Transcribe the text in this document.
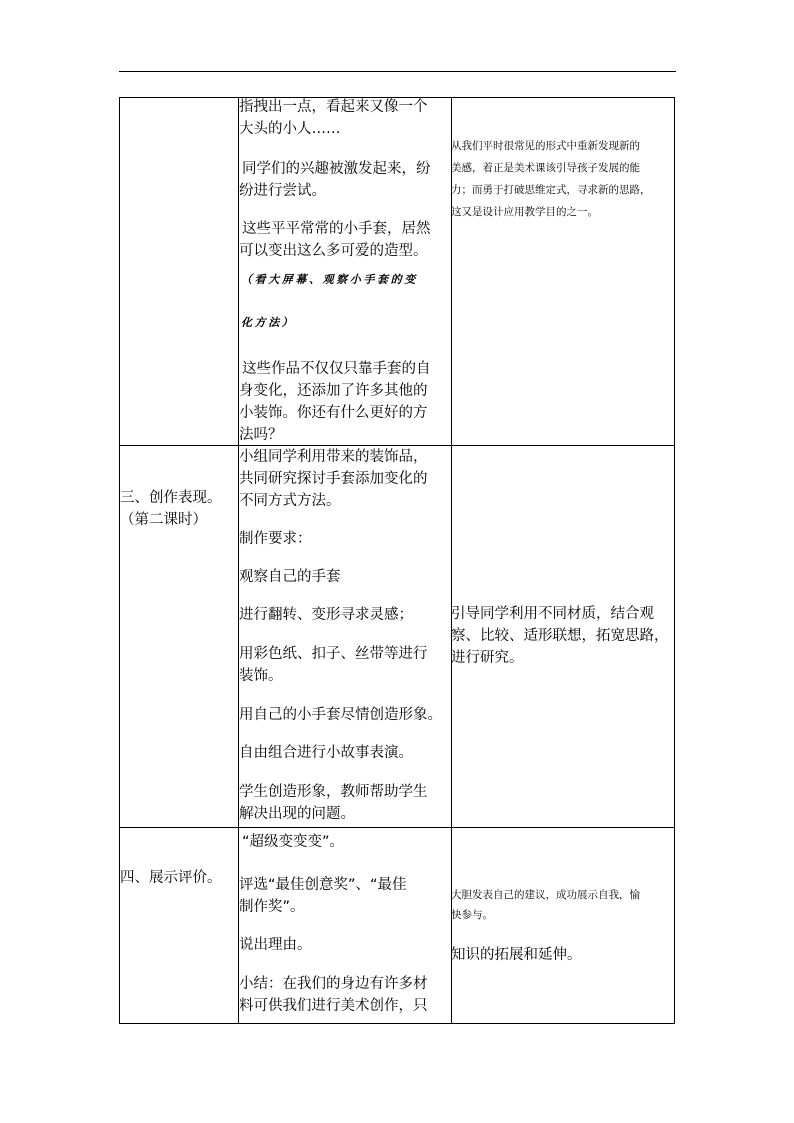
指拽出一点，看起来又像一个
大头的小人……
同学们的兴趣被激发起来，纷
纷进行尝试。
这些平平常常的小手套，居然
可以变出这么多可爱的造型。
（看大屏幕、观察小手套的变
化方法）
这些作品不仅仅只靠手套的自
身变化，还添加了许多其他的
小装饰。你还有什么更好的方
法吗？
从我们平时很常见的形式中重新发现新的
美感，着正是美术课该引导孩子发展的能
力；而勇于打破思维定式，寻求新的思路，
这又是设计应用教学目的之一。
三、创作表现。
（第二课时）
小组同学利用带来的装饰品，
共同研究探讨手套添加变化的
不同方式方法。
制作要求：
观察自己的手套
进行翻转、变形寻求灵感；
用彩色纸、扣子、丝带等进行
装饰。
用自己的小手套尽情创造形象。
自由组合进行小故事表演。
学生创造形象，教师帮助学生
解决出现的问题。
引导同学利用不同材质，结合观
察、比较、适形联想，拓宽思路，
进行研究。
四、展示评价。
“超级变变变”。
评选“最佳创意奖”、“最佳
制作奖”。
说出理由。
小结：在我们的身边有许多材
料可供我们进行美术创作，只
大胆发表自己的建议，成功展示自我，愉
快参与。
知识的拓展和延伸。
